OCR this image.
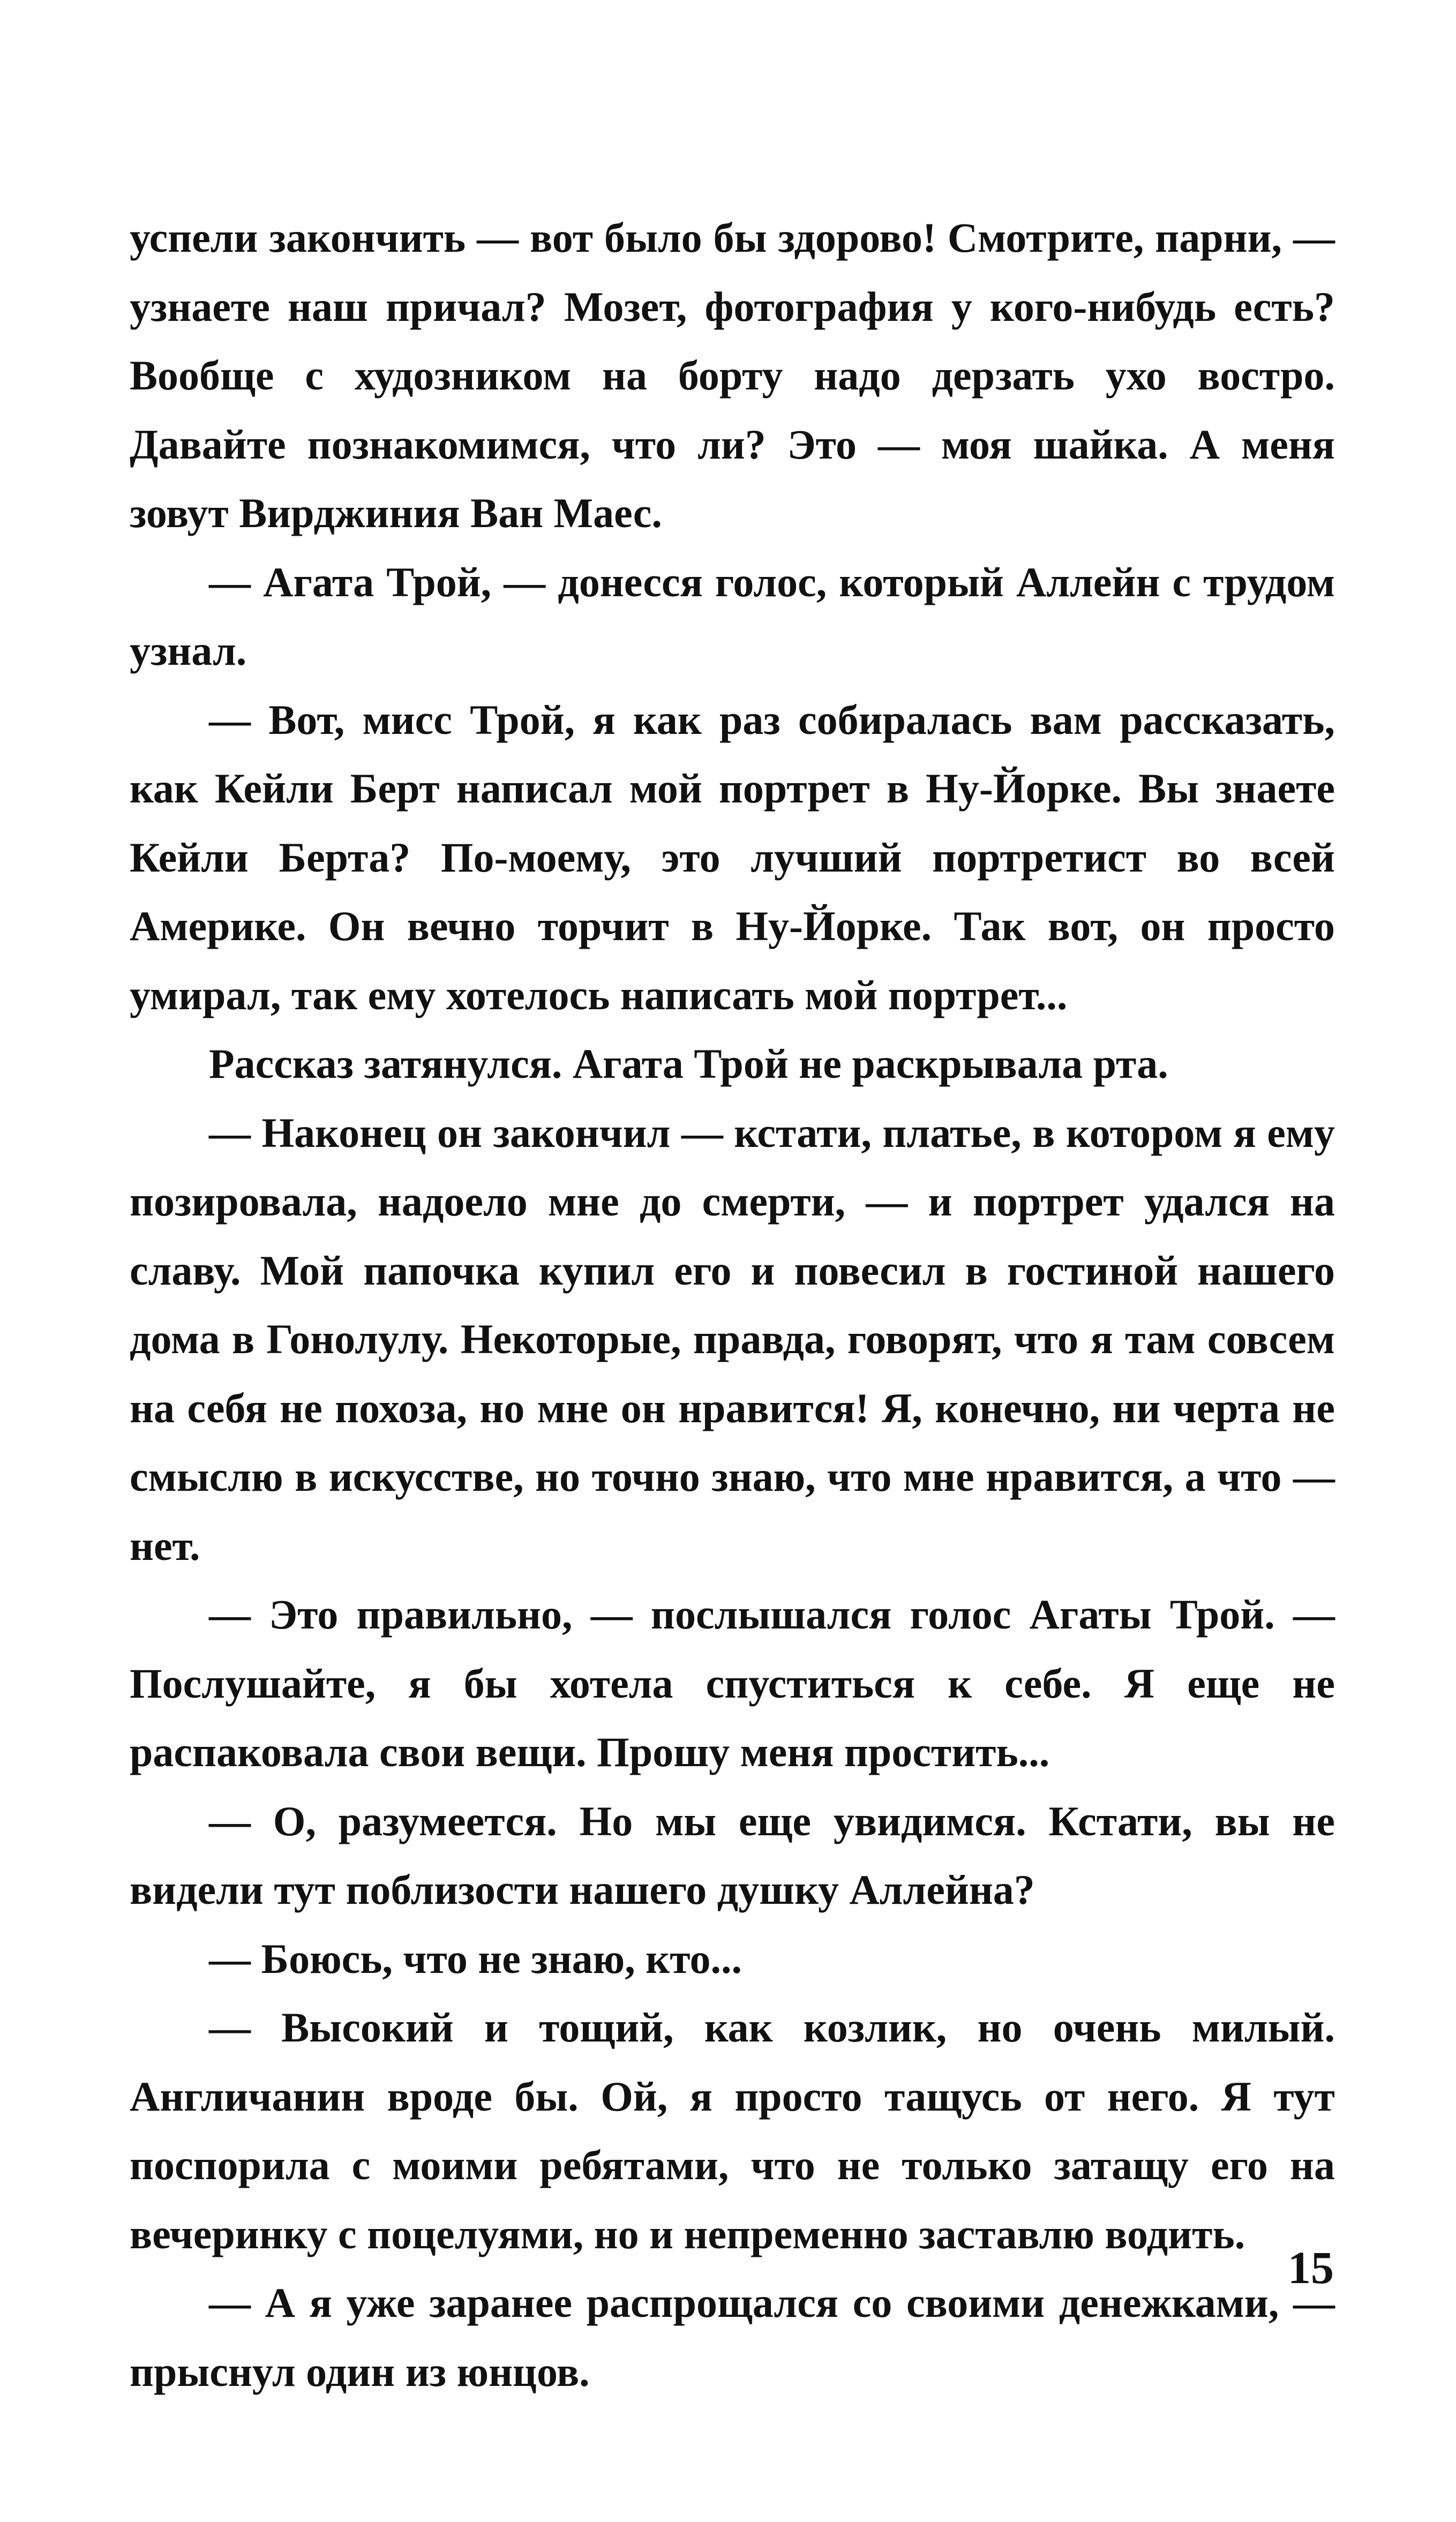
успели закончить — вот было бы здорово! Смотрите, парни, — узнаете наш причал? Мозет, фотография у кого-нибудь есть? Вообще с худозником на борту надо дерзать ухо востро. Давайте познакомимся, что ли? Это — моя шайка. А меня зовут Вирджиния Ван Маес.

— Агата Трой, — донесся голос, который Аллейн с трудом узнал.

— Вот, мисс Трой, я как раз собиралась вам рассказать, как Кейли Берт написал мой портрет в Ну-Йорке. Вы знаете Кейли Берта? По-моему, это лучший портретист во всей Америке. Он вечно торчит в Ну-Йорке. Так вот, он просто умирал, так ему хотелось написать мой портрет...

Рассказ затянулся. Агата Трой не раскрывала рта.

— Наконец он закончил — кстати, платье, в котором я ему позировала, надоело мне до смерти, — и портрет удался на славу. Мой папочка купил его и повесил в гостиной нашего дома в Гонолулу. Некоторые, правда, говорят, что я там совсем на себя не похоза, но мне он нравится! Я, конечно, ни черта не смыслю в искусстве, но точно знаю, что мне нравится, а что — нет.

— Это правильно, — послышался голос Агаты Трой. — Послушайте, я бы хотела спуститься к себе. Я еще не распаковала свои вещи. Прошу меня простить...

— О, разумеется. Но мы еще увидимся. Кстати, вы не видели тут поблизости нашего душку Аллейна?

— Боюсь, что не знаю, кто...

— Высокий и тощий, как козлик, но очень милый. Англичанин вроде бы. Ой, я просто тащусь от него. Я тут поспорила с моими ребятами, что не только затащу его на вечеринку с поцелуями, но и непременно заставлю водить.

— А я уже заранее распрощался со своими денежками, — прыснул один из юнцов.

15
